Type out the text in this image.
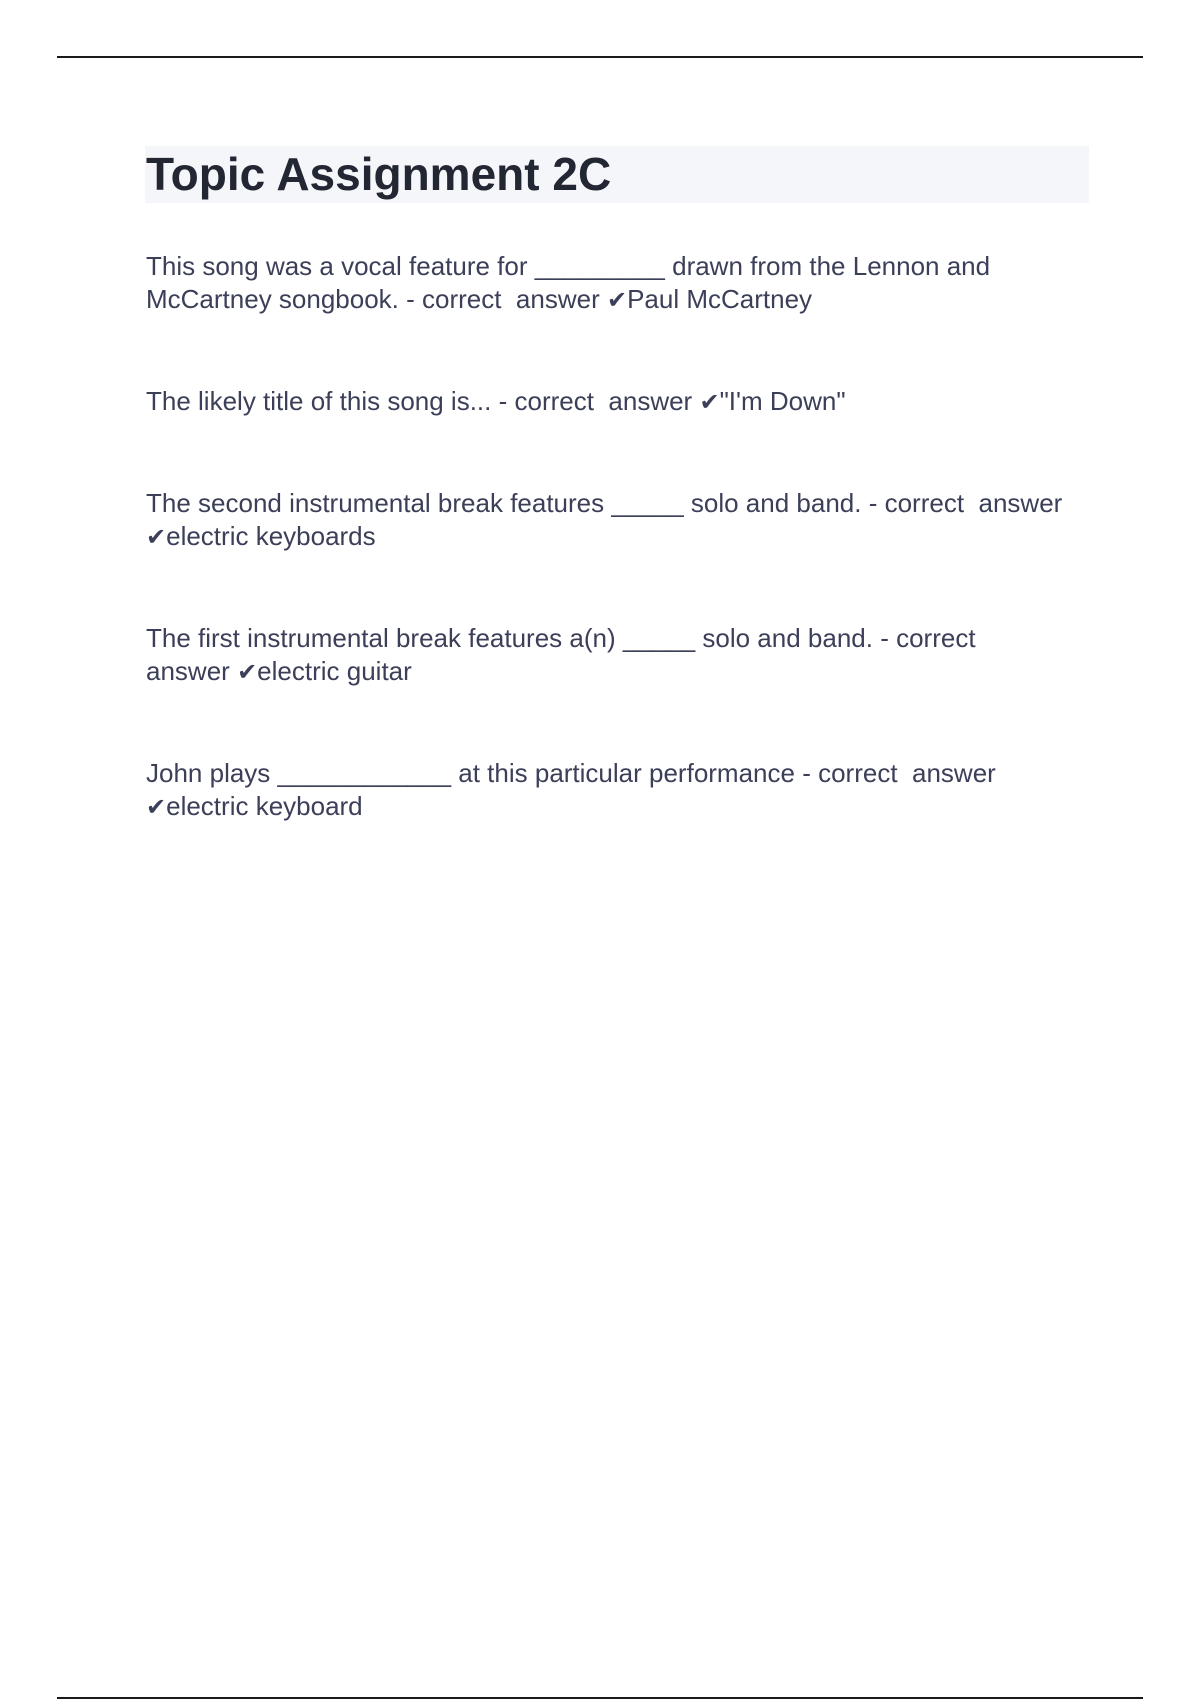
Topic Assignment 2C

This song was a vocal feature for _________ drawn from the Lennon and McCartney songbook. - correct  answer ✔Paul McCartney

The likely title of this song is... - correct  answer ✔"I'm Down"

The second instrumental break features _____ solo and band. - correct  answer ✔electric keyboards

The first instrumental break features a(n) _____ solo and band. - correct  answer ✔electric guitar

John plays ____________ at this particular performance - correct  answer ✔electric keyboard
